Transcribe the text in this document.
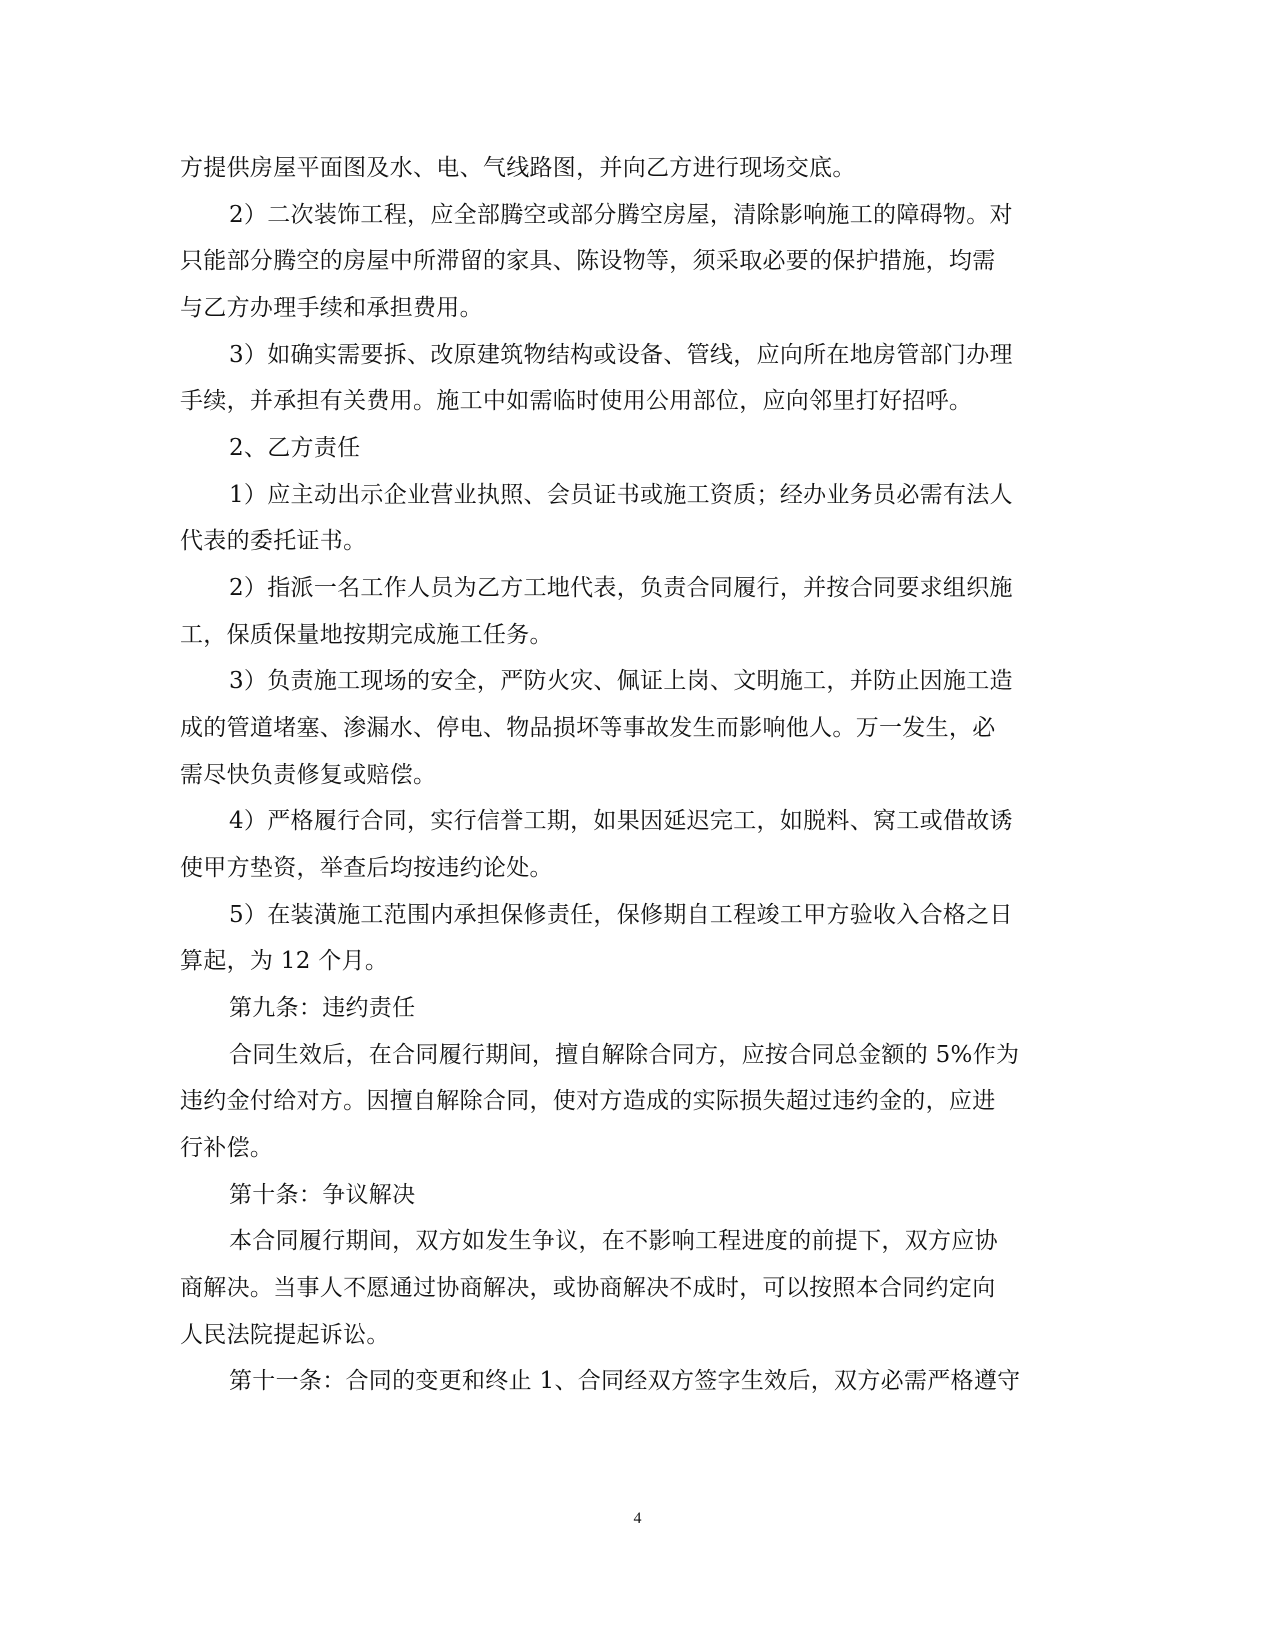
方提供房屋平面图及水、电、气线路图，并向乙方进行现场交底。
2）二次装饰工程，应全部腾空或部分腾空房屋，清除影响施工的障碍物。对
只能部分腾空的房屋中所滞留的家具、陈设物等，须采取必要的保护措施，均需
与乙方办理手续和承担费用。
3）如确实需要拆、改原建筑物结构或设备、管线，应向所在地房管部门办理
手续，并承担有关费用。施工中如需临时使用公用部位，应向邻里打好招呼。
2、乙方责任
1）应主动出示企业营业执照、会员证书或施工资质；经办业务员必需有法人
代表的委托证书。
2）指派一名工作人员为乙方工地代表，负责合同履行，并按合同要求组织施
工，保质保量地按期完成施工任务。
3）负责施工现场的安全，严防火灾、佩证上岗、文明施工，并防止因施工造
成的管道堵塞、渗漏水、停电、物品损坏等事故发生而影响他人。万一发生，必
需尽快负责修复或赔偿。
4）严格履行合同，实行信誉工期，如果因延迟完工，如脱料、窝工或借故诱
使甲方垫资，举查后均按违约论处。
5）在装潢施工范围内承担保修责任，保修期自工程竣工甲方验收入合格之日
算起，为 12 个月。
第九条：违约责任
合同生效后，在合同履行期间，擅自解除合同方，应按合同总金额的 5%作为
违约金付给对方。因擅自解除合同，使对方造成的实际损失超过违约金的，应进
行补偿。
第十条：争议解决
本合同履行期间，双方如发生争议，在不影响工程进度的前提下，双方应协
商解决。当事人不愿通过协商解决，或协商解决不成时，可以按照本合同约定向
人民法院提起诉讼。
第十一条：合同的变更和终止 1、合同经双方签字生效后，双方必需严格遵守
4
